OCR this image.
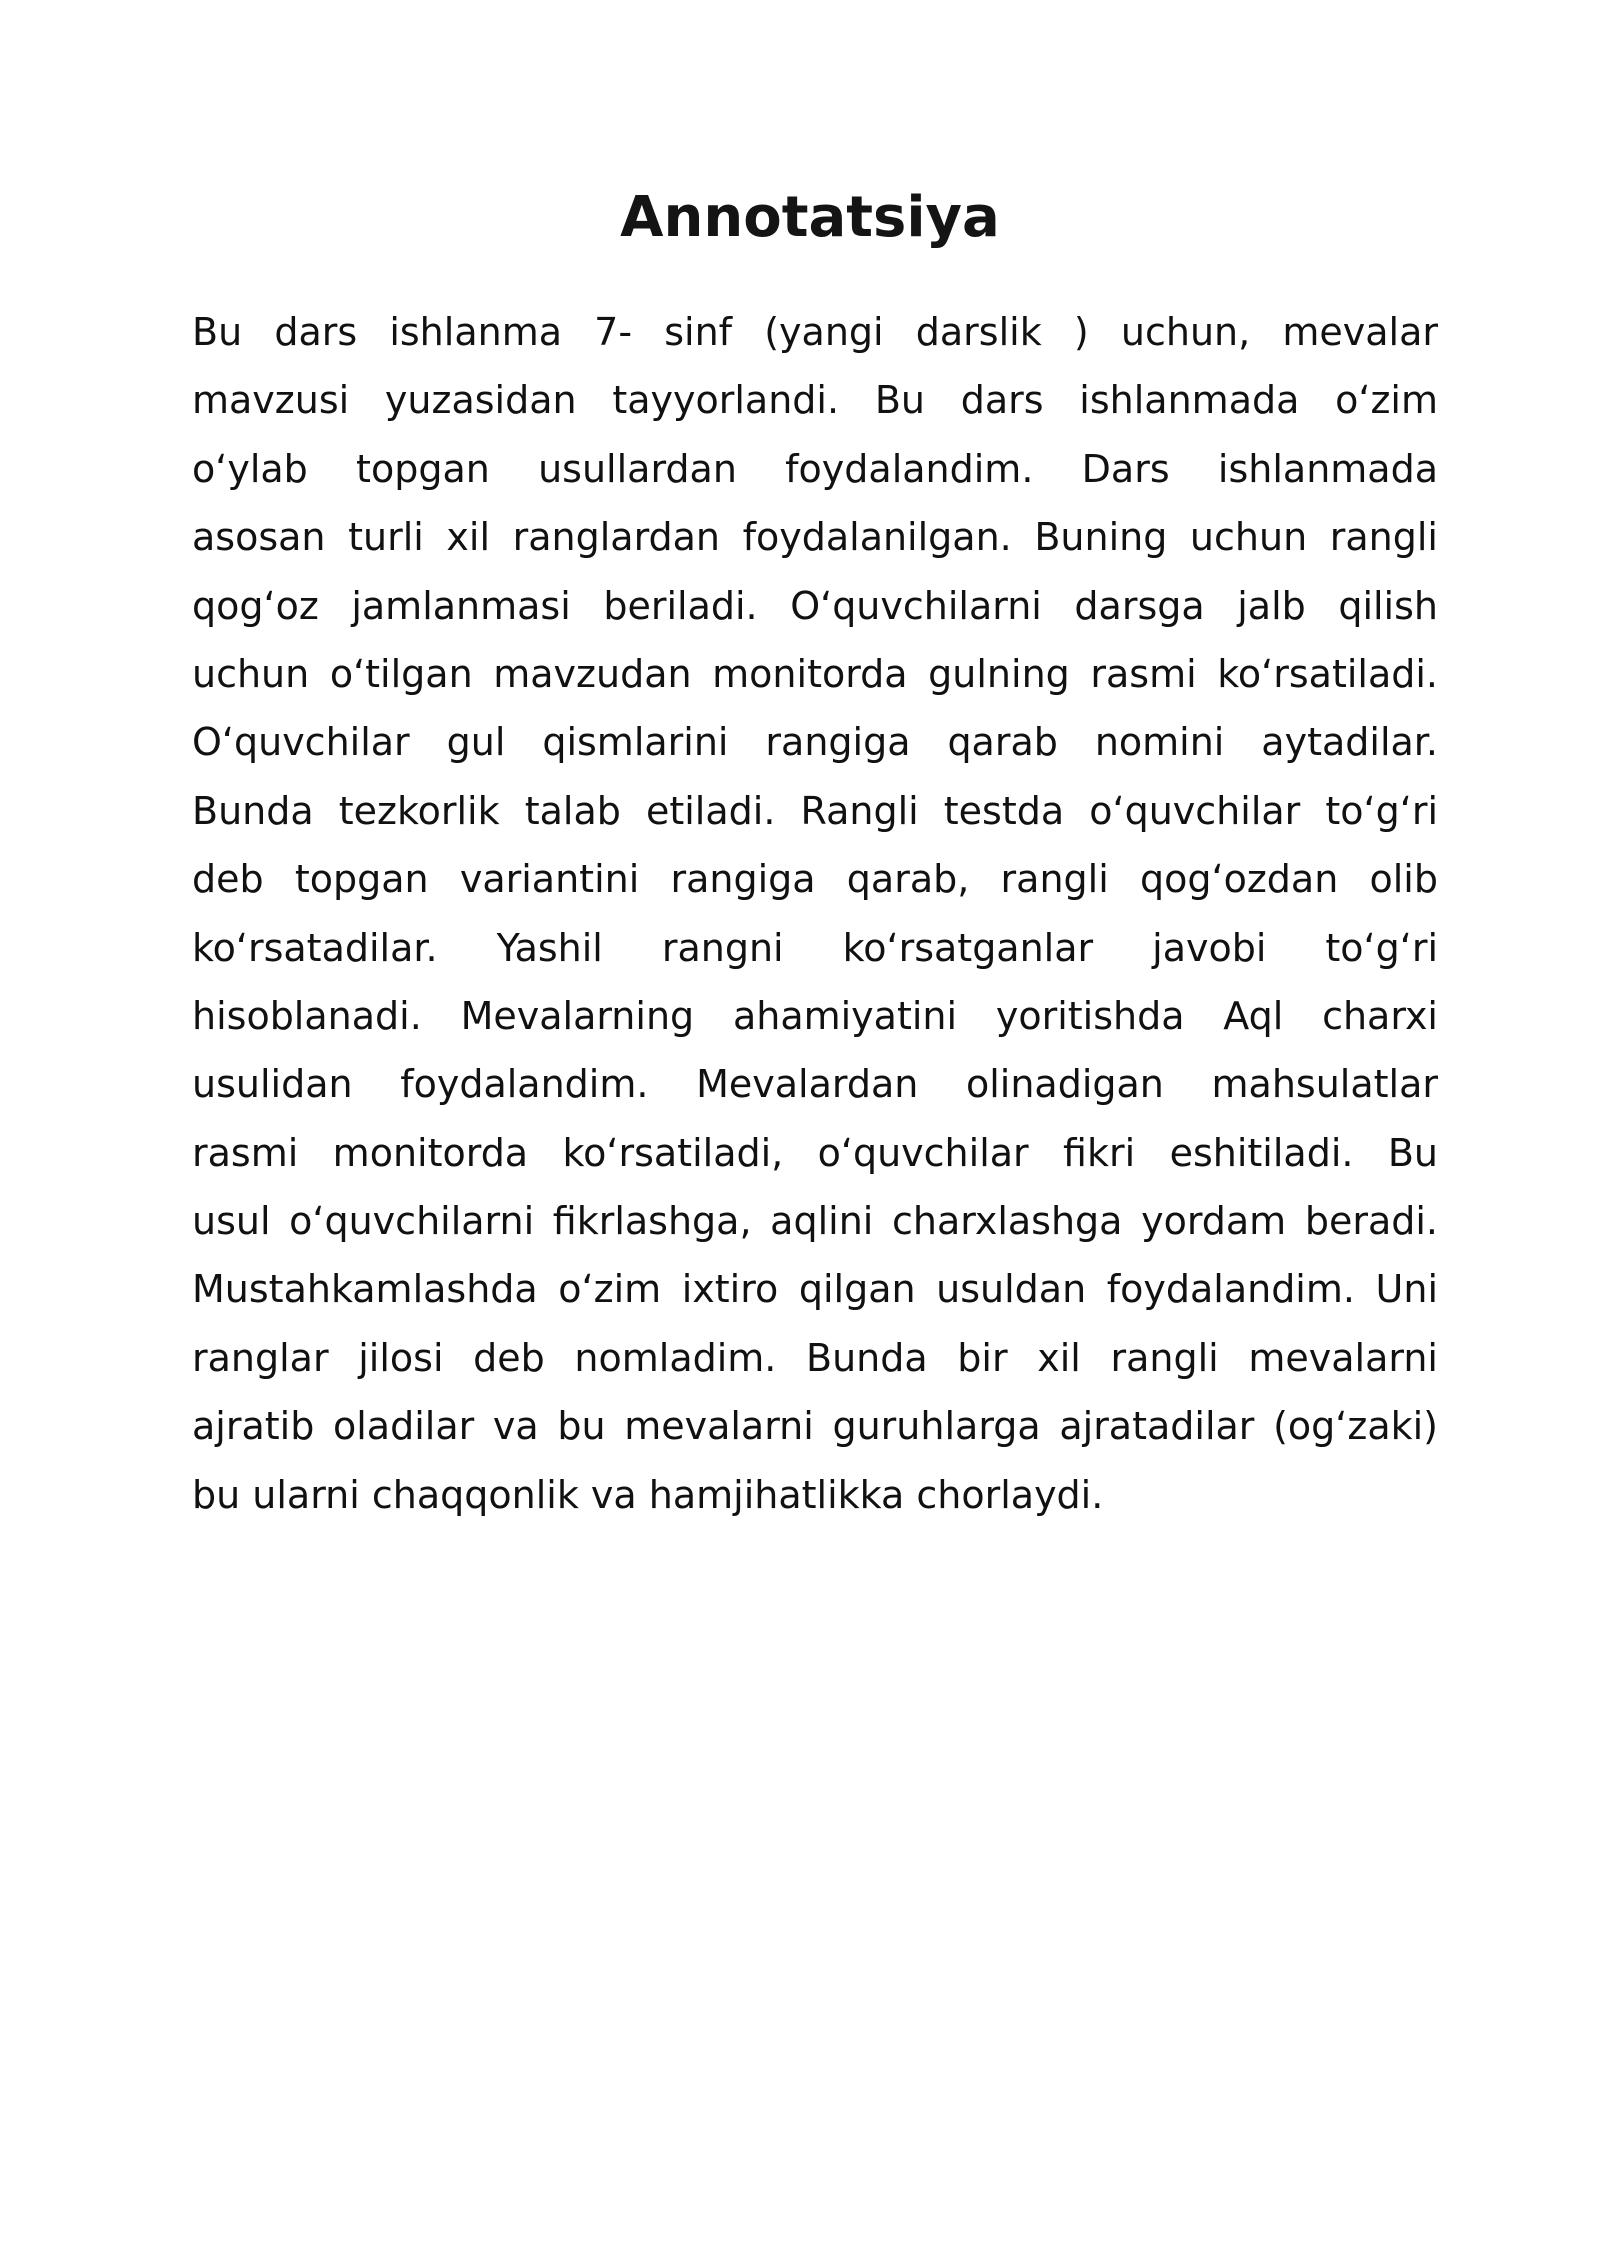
Annotatsiya
Bu dars ishlanma 7- sinf (yangi darslik ) uchun, mevalar
mavzusi yuzasidan tayyorlandi. Bu dars ishlanmada o‘zim
o‘ylab topgan usullardan foydalandim. Dars ishlanmada
asosan turli xil ranglardan foydalanilgan. Buning uchun rangli
qog‘oz jamlanmasi beriladi. O‘quvchilarni darsga jalb qilish
uchun o‘tilgan mavzudan monitorda gulning rasmi ko‘rsatiladi.
O‘quvchilar gul qismlarini rangiga qarab nomini aytadilar.
Bunda tezkorlik talab etiladi. Rangli testda o‘quvchilar to‘g‘ri
deb topgan variantini rangiga qarab, rangli qog‘ozdan olib
ko‘rsatadilar. Yashil rangni ko‘rsatganlar javobi to‘g‘ri
hisoblanadi. Mevalarning ahamiyatini yoritishda Aql charxi
usulidan foydalandim. Mevalardan olinadigan mahsulatlar
rasmi monitorda ko‘rsatiladi, o‘quvchilar fikri eshitiladi. Bu
usul o‘quvchilarni fikrlashga, aqlini charxlashga yordam beradi.
Mustahkamlashda o‘zim ixtiro qilgan usuldan foydalandim. Uni
ranglar jilosi deb nomladim. Bunda bir xil rangli mevalarni
ajratib oladilar va bu mevalarni guruhlarga ajratadilar (og‘zaki)
bu ularni chaqqonlik va hamjihatlikka chorlaydi.
